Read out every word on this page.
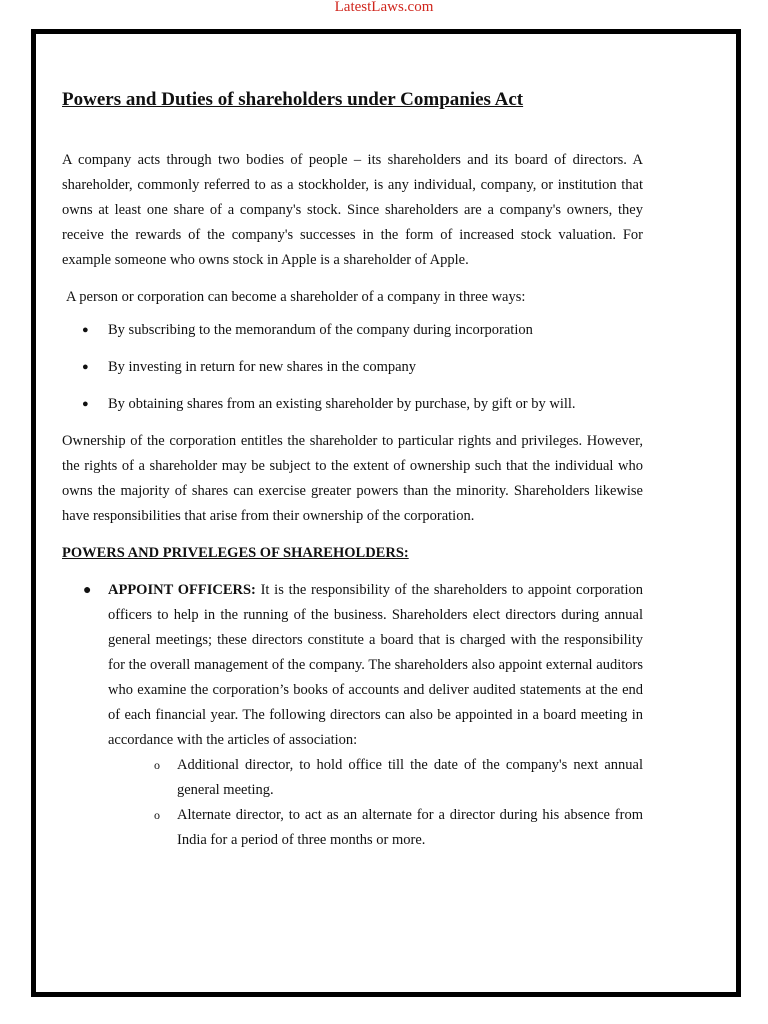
LatestLaws.com
Powers and Duties of shareholders under Companies Act

A company acts through two bodies of people – its shareholders and its board of directors. A shareholder, commonly referred to as a stockholder, is any individual, company, or institution that owns at least one share of a company's stock. Since shareholders are a company's owners, they receive the rewards of the company's successes in the form of increased stock valuation. For example someone who owns stock in Apple is a shareholder of Apple.

A person or corporation can become a shareholder of a company in three ways:

● By subscribing to the memorandum of the company during incorporation
● By investing in return for new shares in the company
● By obtaining shares from an existing shareholder by purchase, by gift or by will.

Ownership of the corporation entitles the shareholder to particular rights and privileges. However, the rights of a shareholder may be subject to the extent of ownership such that the individual who owns the majority of shares can exercise greater powers than the minority. Shareholders likewise have responsibilities that arise from their ownership of the corporation.

POWERS AND PRIVELEGES OF SHAREHOLDERS:
● APPOINT OFFICERS: It is the responsibility of the shareholders to appoint corporation officers to help in the running of the business. Shareholders elect directors during annual general meetings; these directors constitute a board that is charged with the responsibility for the overall management of the company. The shareholders also appoint external auditors who examine the corporation’s books of accounts and deliver audited statements at the end of each financial year. The following directors can also be appointed in a board meeting in accordance with the articles of association:
o Additional director, to hold office till the date of the company's next annual general meeting.
o Alternate director, to act as an alternate for a director during his absence from India for a period of three months or more.
